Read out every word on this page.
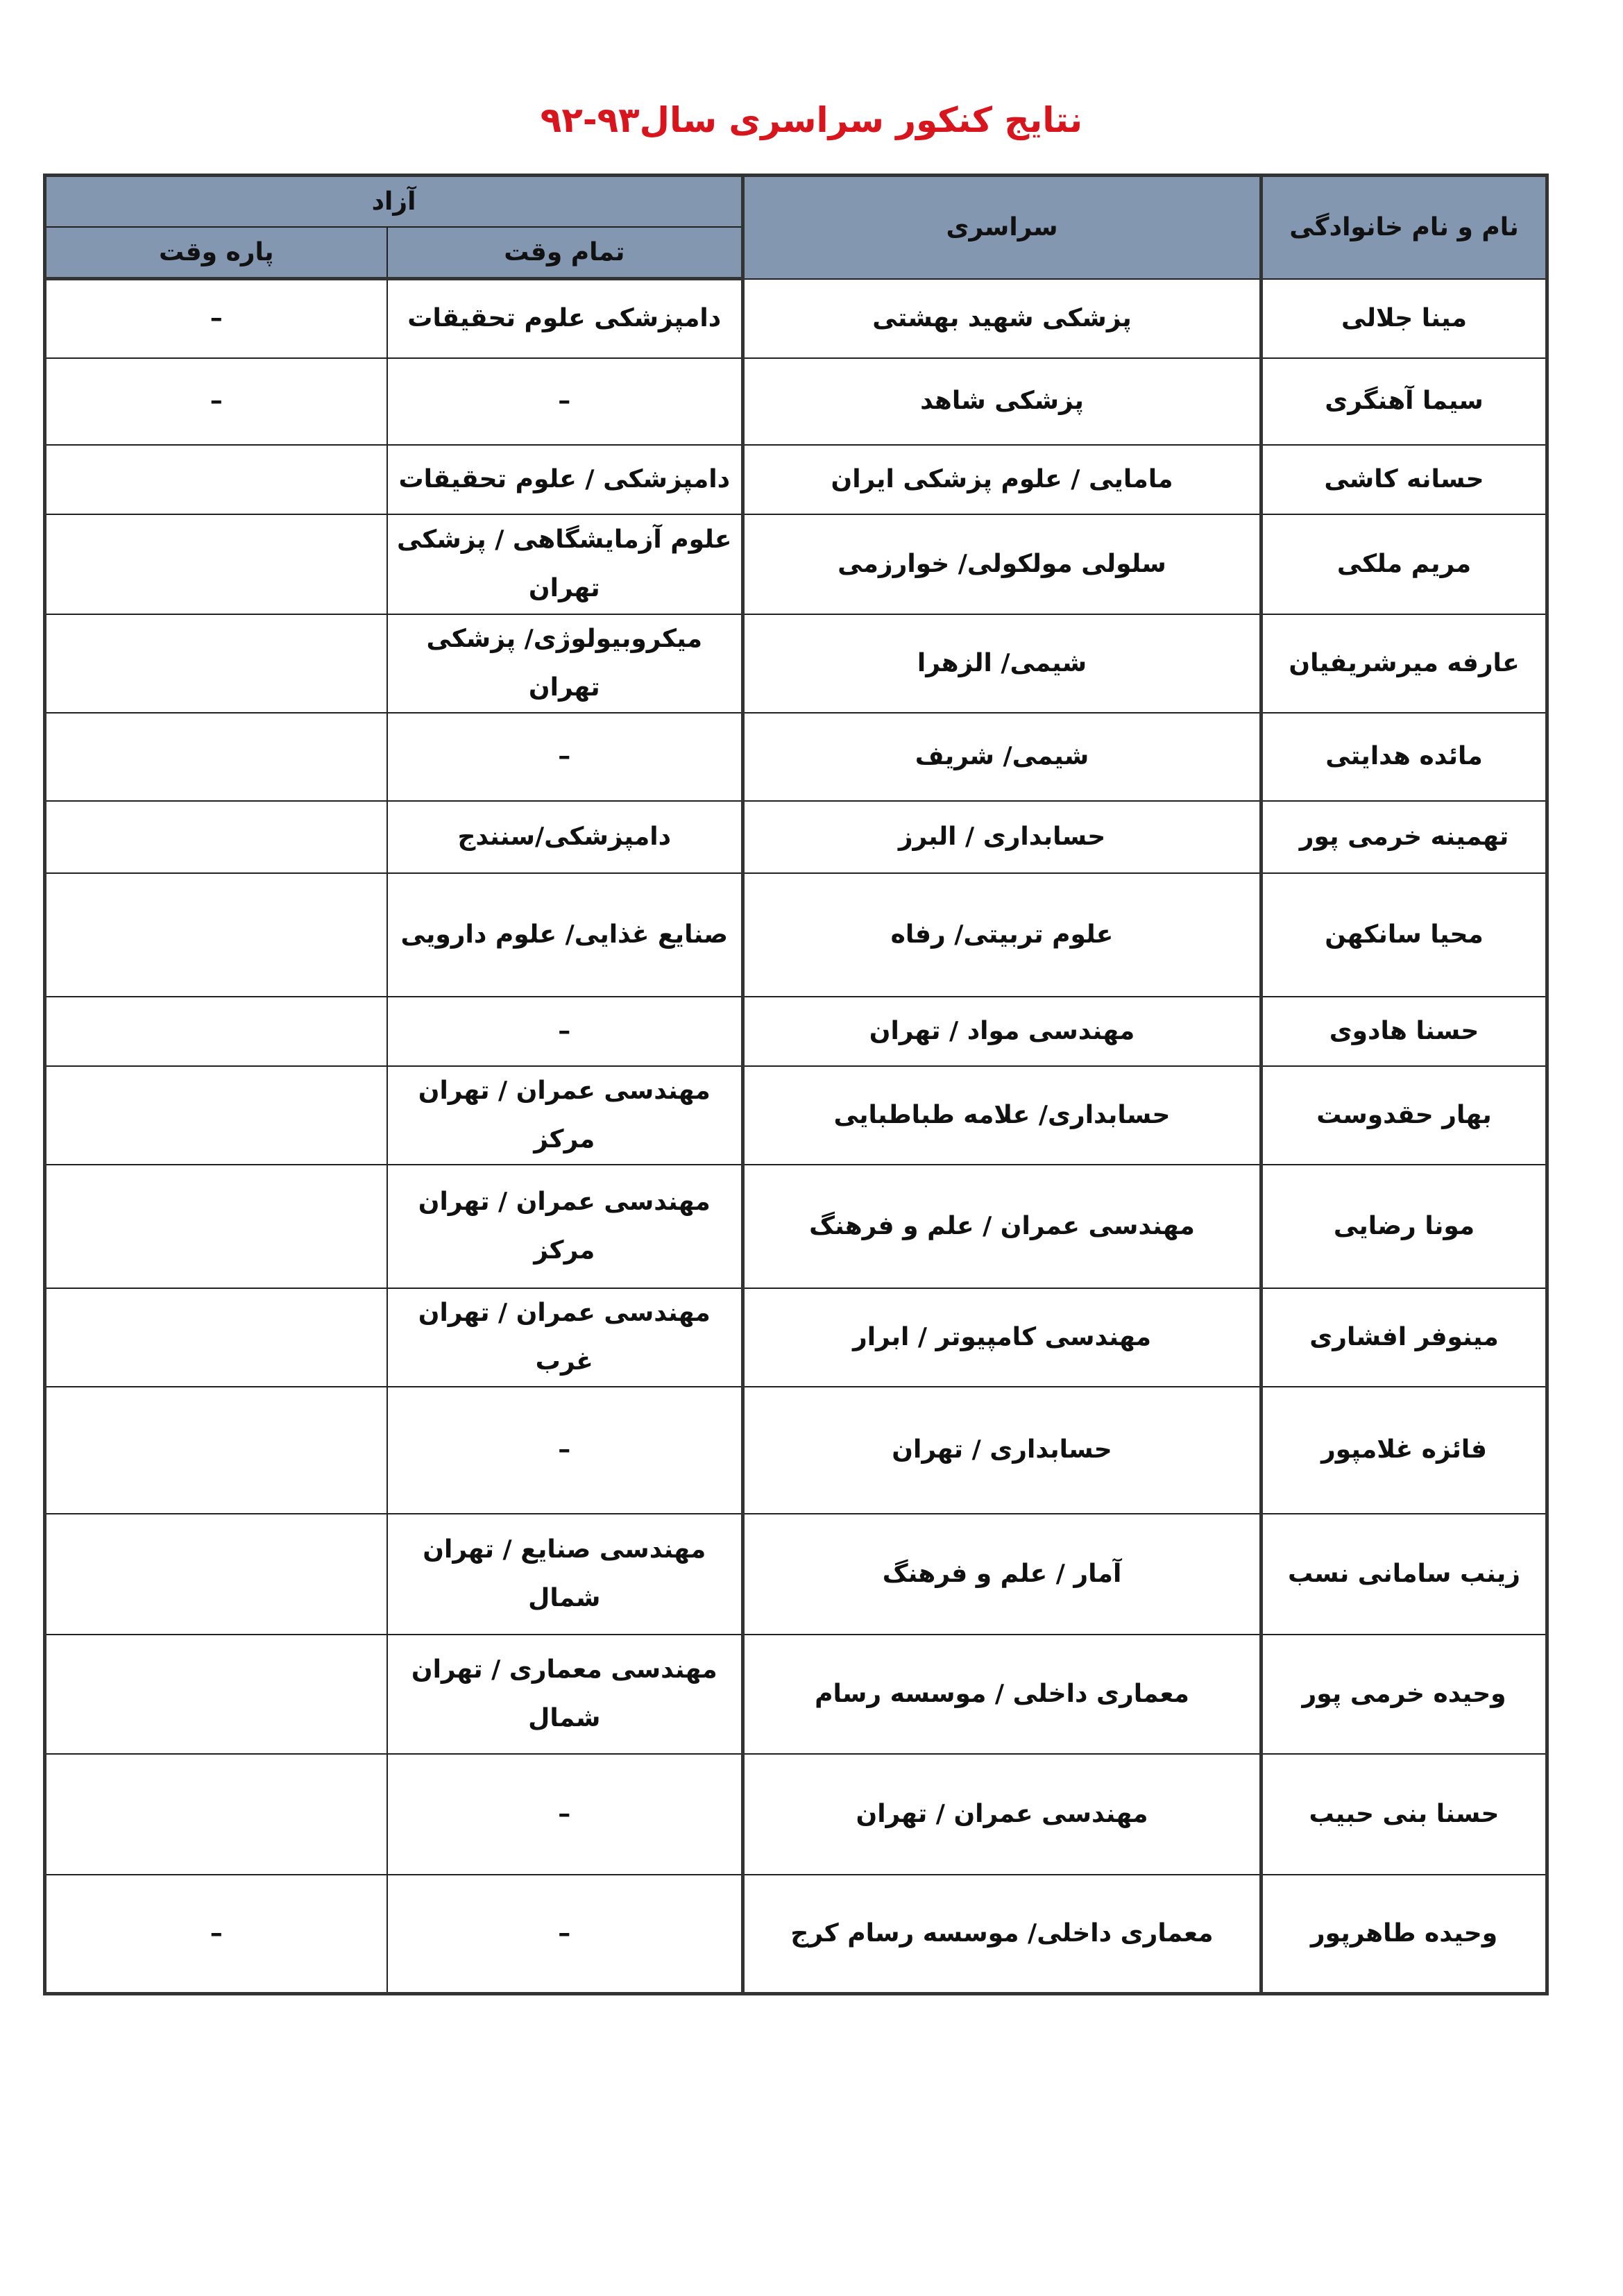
نتایج کنکور سراسری سال۹۳-۹۲
نام و نام خانوادگی	سراسری	آزاد	
		تمام وقت	پاره وقت
مینا جلالی	پزشکی شهید بهشتی	دامپزشکی علوم تحقیقات	–
سیما آهنگری	پزشکی شاهد	–	–
حسانه کاشی	مامایی / علوم پزشکی ایران	دامپزشکی / علوم تحقیقات	
مریم ملکی	سلولی مولکولی/ خوارزمی	علوم آزمایشگاهی / پزشکی تهران	
عارفه میرشریفیان	شیمی/ الزهرا	میکروبیولوژی/ پزشکی تهران	
مائده هدایتی	شیمی/ شریف	–	
تهمینه خرمی پور	حسابداری / البرز	دامپزشکی/سنندج	
محیا سانکهن	علوم تربیتی/ رفاه	صنایع غذایی/ علوم دارویی	
حسنا هادوی	مهندسی مواد / تهران	–	
بهار حقدوست	حسابداری/ علامه طباطبایی	مهندسی عمران / تهران مرکز	
مونا رضایی	مهندسی عمران / علم و فرهنگ	مهندسی عمران / تهران مرکز	
مینوفر افشاری	مهندسی کامپیوتر / ابرار	مهندسی عمران / تهران غرب	
فائزه غلامپور	حسابداری / تهران	–	
زینب سامانی نسب	آمار / علم و فرهنگ	مهندسی صنایع / تهران شمال	
وحیده خرمی پور	معماری داخلی / موسسه رسام	مهندسی معماری / تهران شمال	
حسنا بنی حبیب	مهندسی عمران / تهران	–	
وحیده طاهرپور	معماری داخلی/ موسسه رسام کرج	–	–
